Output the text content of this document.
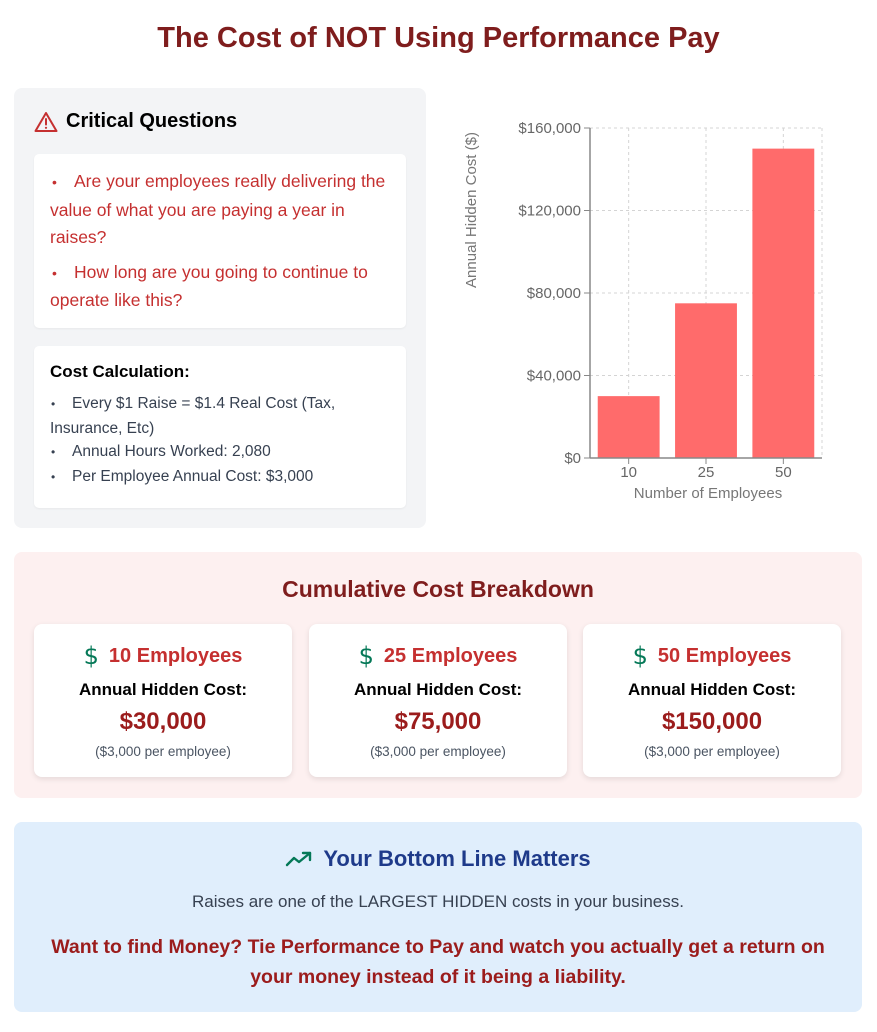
The Cost of NOT Using Performance Pay
Critical Questions
• Are your employees really delivering the value of what you are paying a year in raises?
• How long are you going to continue to operate like this?
Cost Calculation:
• Every $1 Raise = $1.4 Real Cost (Tax, Insurance, Etc)
• Annual Hours Worked: 2,080
• Per Employee Annual Cost: $3,000
$0
$40,000
$80,000
$120,000
$160,000
10	25	50
Number of Employees
Annual Hidden Cost ($)
Cumulative Cost Breakdown
$ 10 Employees
Annual Hidden Cost:
$30,000
($3,000 per employee)
$ 25 Employees
Annual Hidden Cost:
$75,000
($3,000 per employee)
$ 50 Employees
Annual Hidden Cost:
$150,000
($3,000 per employee)
Your Bottom Line Matters

Raises are one of the LARGEST HIDDEN costs in your business.

Want to find Money? Tie Performance to Pay and watch you actually get a return on your money instead of it being a liability.
